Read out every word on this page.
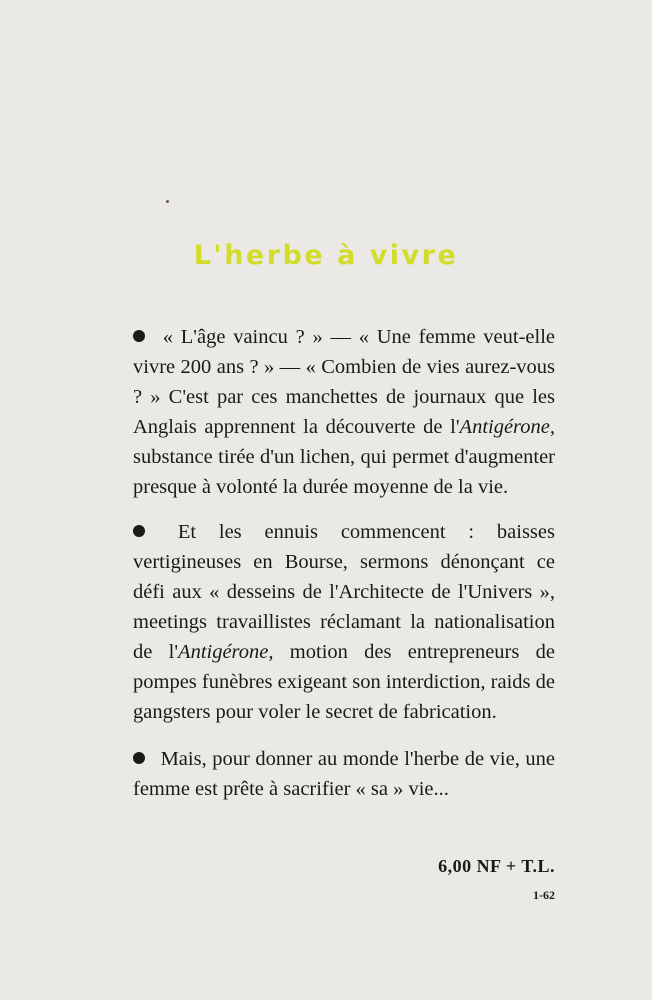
L'herbe à vivre
« L'âge vaincu ? » — « Une femme veut-elle vivre 200 ans ? » — « Combien de vies aurez-vous ? » C'est par ces manchettes de journaux que les Anglais apprennent la découverte de l'Antigérone, substance tirée d'un lichen, qui permet d'augmenter presque à volonté la durée moyenne de la vie.
Et les ennuis commencent : baisses vertigineuses en Bourse, sermons dénonçant ce défi aux « desseins de l'Architecte de l'Univers », meetings travaillistes réclamant la nationalisation de l'Antigérone, motion des entrepreneurs de pompes funèbres exigeant son interdiction, raids de gangsters pour voler le secret de fabrication.
Mais, pour donner au monde l'herbe de vie, une femme est prête à sacrifier « sa » vie...
6,00 NF + T.L.
1-62
